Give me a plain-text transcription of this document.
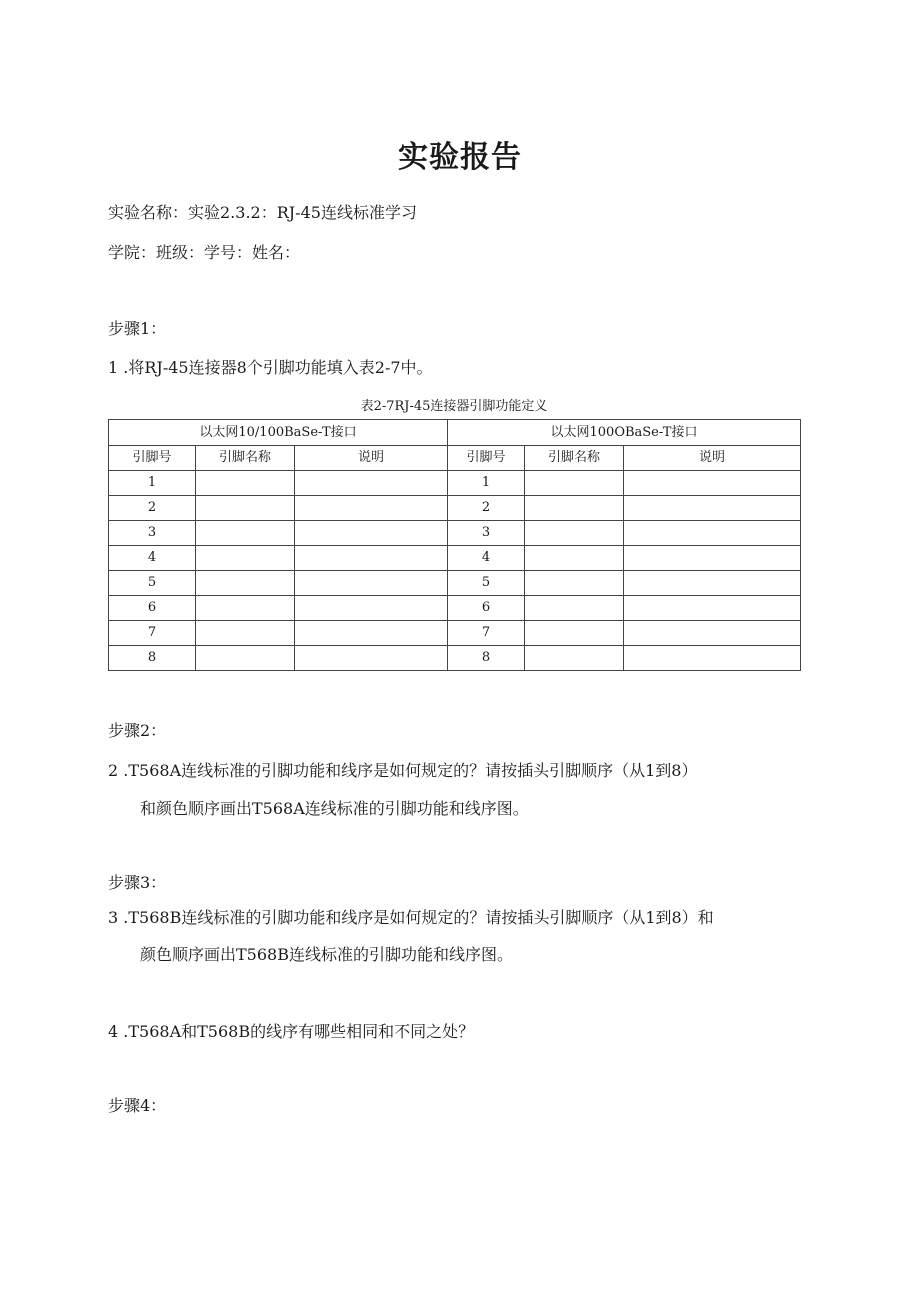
实验报告
实验名称：实验2.3.2：RJ-45连线标准学习
学院：班级：学号：姓名：
步骤1：
1 .将RJ-45连接器8个引脚功能填入表2-7中。
表2-7RJ-45连接器引脚功能定义
以太网10/100BaSe-T接口			以太网100OBaSe-T接口		
引脚号	引脚名称	说明	引脚号	引脚名称	说明
1			1		
2			2		
3			3		
4			4		
5			5		
6			6		
7			7		
8			8		
步骤2：
2 .T568A连线标准的引脚功能和线序是如何规定的？请按插头引脚顺序（从1到8）
和颜色顺序画出T568A连线标准的引脚功能和线序图。
步骤3：
3 .T568B连线标准的引脚功能和线序是如何规定的？请按插头引脚顺序（从1到8）和
颜色顺序画出T568B连线标准的引脚功能和线序图。
4 .T568A和T568B的线序有哪些相同和不同之处？
步骤4：
